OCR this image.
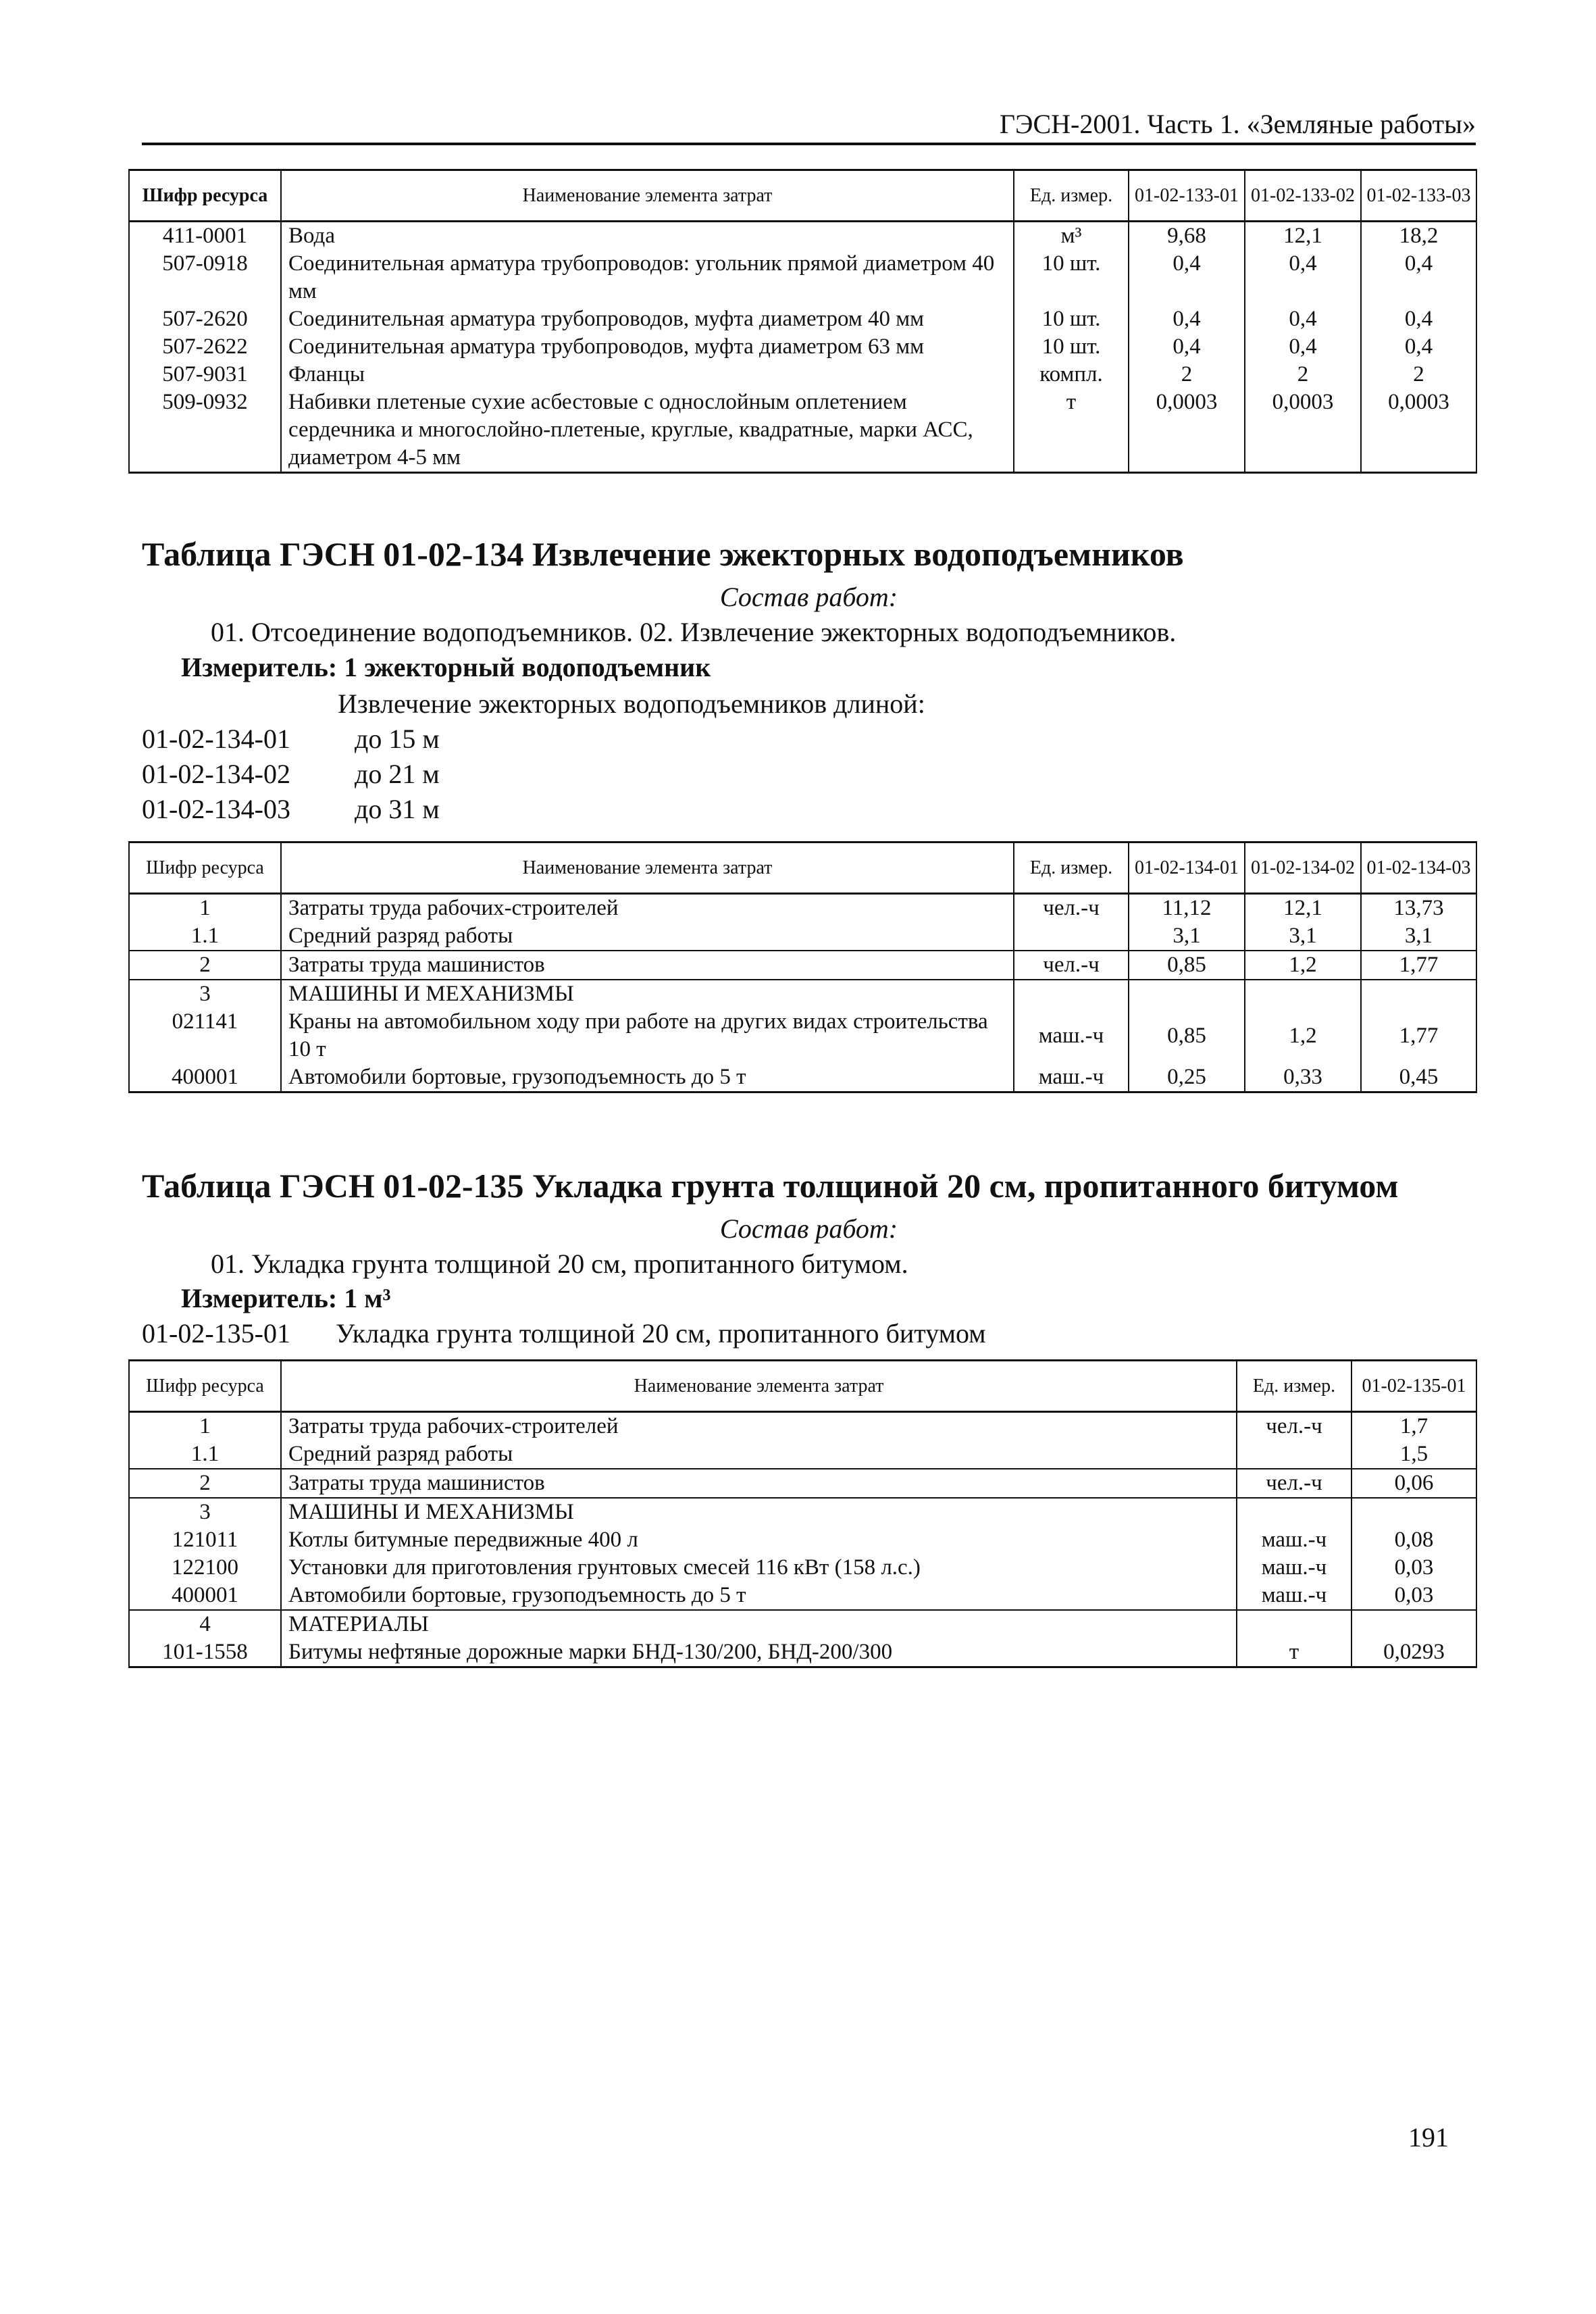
ГЭСН-2001. Часть 1. «Земляные работы»
Шифр ресурса	Наименование элемента затрат	Ед. измер.	01-02-133-01	01-02-133-02	01-02-133-03
411-0001	Вода	м³	9,68	12,1	18,2
507-0918	Соединительная арматура трубопроводов: угольник прямой диаметром 40 мм	10 шт.	0,4	0,4	0,4
507-2620	Соединительная арматура трубопроводов, муфта диаметром 40 мм	10 шт.	0,4	0,4	0,4
507-2622	Соединительная арматура трубопроводов, муфта диаметром 63 мм	10 шт.	0,4	0,4	0,4
507-9031	Фланцы	компл.	2	2	2
509-0932	Набивки плетеные сухие асбестовые с однослойным оплетением сердечника и многослойно-плетеные, круглые, квадратные, марки АСС, диаметром 4-5 мм	т	0,0003	0,0003	0,0003
Таблица ГЭСН 01-02-134 Извлечение эжекторных водоподъемников
Состав работ:
01. Отсоединение водоподъемников. 02. Извлечение эжекторных водоподъемников.
Измеритель: 1 эжекторный водоподъемник
Извлечение эжекторных водоподъемников длиной:
01-02-134-01 до 15 м
01-02-134-02 до 21 м
01-02-134-03 до 31 м
Шифр ресурса	Наименование элемента затрат	Ед. измер.	01-02-134-01	01-02-134-02	01-02-134-03
1	Затраты труда рабочих-строителей	чел.-ч	11,12	12,1	13,73
1.1	Средний разряд работы		3,1	3,1	3,1
2	Затраты труда машинистов	чел.-ч	0,85	1,2	1,77
3	МАШИНЫ И МЕХАНИЗМЫ				
021141	Краны на автомобильном ходу при работе на других видах строительства 10 т	маш.-ч	0,85	1,2	1,77
400001	Автомобили бортовые, грузоподъемность до 5 т	маш.-ч	0,25	0,33	0,45
Таблица ГЭСН 01-02-135 Укладка грунта толщиной 20 см, пропитанного битумом
Состав работ:
01. Укладка грунта толщиной 20 см, пропитанного битумом.
Измеритель: 1 м³
01-02-135-01 Укладка грунта толщиной 20 см, пропитанного битумом
Шифр ресурса	Наименование элемента затрат	Ед. измер.	01-02-135-01
1	Затраты труда рабочих-строителей	чел.-ч	1,7
1.1	Средний разряд работы		1,5
2	Затраты труда машинистов	чел.-ч	0,06
3	МАШИНЫ И МЕХАНИЗМЫ		
121011	Котлы битумные передвижные 400 л	маш.-ч	0,08
122100	Установки для приготовления грунтовых смесей 116 кВт (158 л.с.)	маш.-ч	0,03
400001	Автомобили бортовые, грузоподъемность до 5 т	маш.-ч	0,03
4	МАТЕРИАЛЫ		
101-1558	Битумы нефтяные дорожные марки БНД-130/200, БНД-200/300	т	0,0293
191
